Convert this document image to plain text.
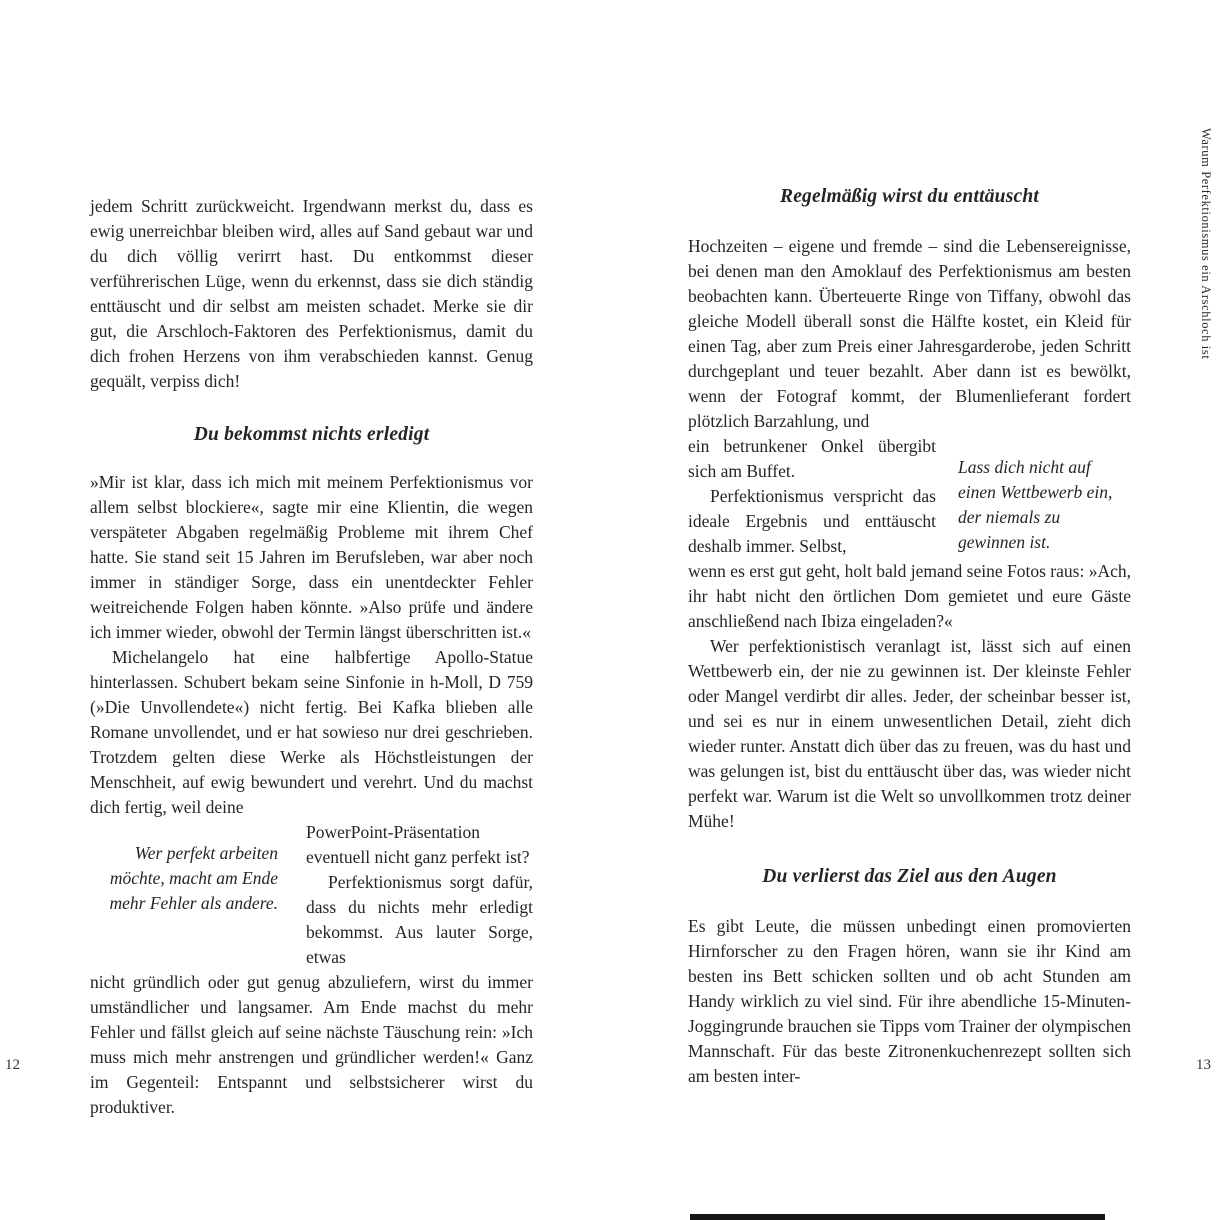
Warum Perfektionismus ein Arschloch ist

jedem Schritt zurückweicht. Irgendwann merkst du, dass es ewig unerreichbar bleiben wird, alles auf Sand gebaut war und du dich völlig verirrt hast. Du entkommst dieser verführerischen Lüge, wenn du erkennst, dass sie dich ständig enttäuscht und dir selbst am meisten schadet. Merke sie dir gut, die Arschloch-Faktoren des Perfektionismus, damit du dich frohen Herzens von ihm verabschieden kannst. Genug gequält, verpiss dich!

Du bekommst nichts erledigt

»Mir ist klar, dass ich mich mit meinem Perfektionismus vor allem selbst blockiere«, sagte mir eine Klientin, die wegen verspäteter Abgaben regelmäßig Probleme mit ihrem Chef hatte. Sie stand seit 15 Jahren im Berufsleben, war aber noch immer in ständiger Sorge, dass ein unentdeckter Fehler weitreichende Folgen haben könnte. »Also prüfe und ändere ich immer wieder, obwohl der Termin längst überschritten ist.«

Michelangelo hat eine halbfertige Apollo-Statue hinterlassen. Schubert bekam seine Sinfonie in h-Moll, D 759 (»Die Unvollendete«) nicht fertig. Bei Kafka blieben alle Romane unvollendet, und er hat sowieso nur drei geschrieben. Trotzdem gelten diese Werke als Höchstleistungen der Menschheit, auf ewig bewundert und verehrt. Und du machst dich fertig, weil deine

Wer perfekt arbeiten möchte, macht am Ende mehr Fehler als andere.

PowerPoint-Präsentation eventuell nicht ganz perfekt ist?

Perfektionismus sorgt dafür, dass du nichts mehr erledigt bekommst. Aus lauter Sorge, etwas

nicht gründlich oder gut genug abzuliefern, wirst du immer umständlicher und langsamer. Am Ende machst du mehr Fehler und fällst gleich auf seine nächste Täuschung rein: »Ich muss mich mehr anstrengen und gründlicher werden!« Ganz im Gegenteil: Entspannt und selbstsicherer wirst du produktiver.

Regelmäßig wirst du enttäuscht

Hochzeiten – eigene und fremde – sind die Lebensereignisse, bei denen man den Amoklauf des Perfektionismus am besten beobachten kann. Überteuerte Ringe von Tiffany, obwohl das gleiche Modell überall sonst die Hälfte kostet, ein Kleid für einen Tag, aber zum Preis einer Jahresgarderobe, jeden Schritt durchgeplant und teuer bezahlt. Aber dann ist es bewölkt, wenn der Fotograf kommt, der Blumenlieferant fordert plötzlich Barzahlung, und

ein betrunkener Onkel übergibt sich am Buffet.

Perfektionismus verspricht das ideale Ergebnis und enttäuscht deshalb immer. Selbst,

Lass dich nicht auf einen Wettbewerb ein, der niemals zu gewinnen ist.

wenn es erst gut geht, holt bald jemand seine Fotos raus: »Ach, ihr habt nicht den örtlichen Dom gemietet und eure Gäste anschließend nach Ibiza eingeladen?«

Wer perfektionistisch veranlagt ist, lässt sich auf einen Wettbewerb ein, der nie zu gewinnen ist. Der kleinste Fehler oder Mangel verdirbt dir alles. Jeder, der scheinbar besser ist, und sei es nur in einem unwesentlichen Detail, zieht dich wieder runter. Anstatt dich über das zu freuen, was du hast und was gelungen ist, bist du enttäuscht über das, was wieder nicht perfekt war. Warum ist die Welt so unvollkommen trotz deiner Mühe!

Du verlierst das Ziel aus den Augen

Es gibt Leute, die müssen unbedingt einen promovierten Hirnforscher zu den Fragen hören, wann sie ihr Kind am besten ins Bett schicken sollten und ob acht Stunden am Handy wirklich zu viel sind. Für ihre abendliche 15-Minuten-Joggingrunde brauchen sie Tipps vom Trainer der olympischen Mannschaft. Für das beste Zitronenkuchenrezept sollten sich am besten inter-

12	13
